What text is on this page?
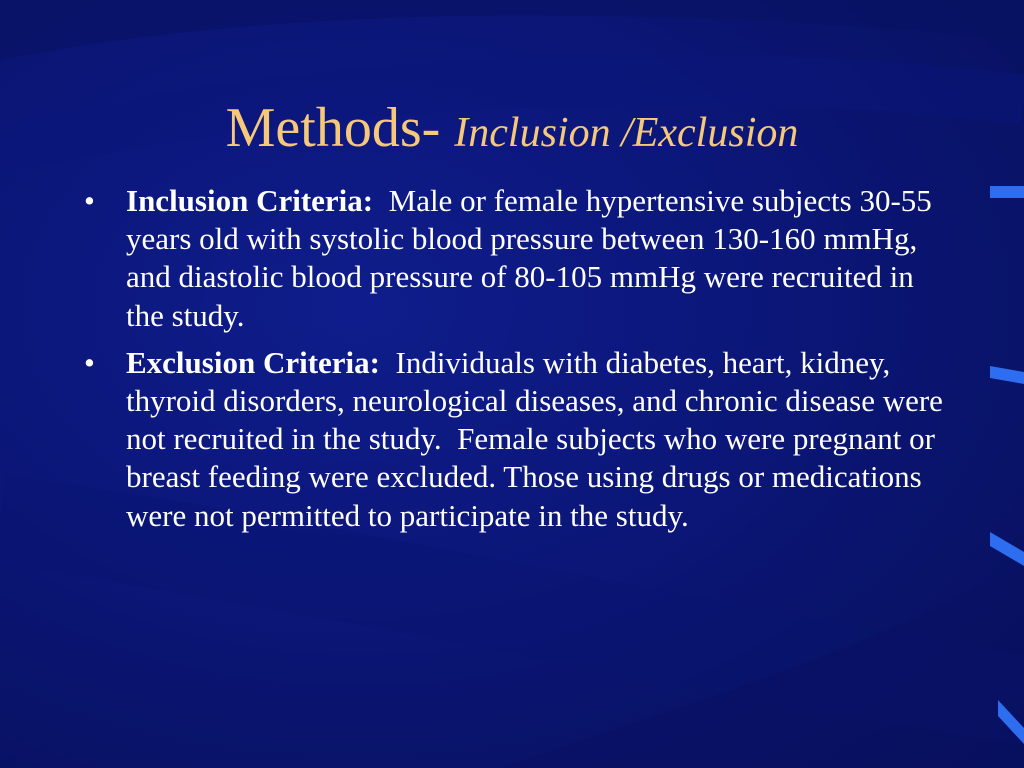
Methods- Inclusion /Exclusion
•	Inclusion Criteria:  Male or female hypertensive subjects 30-55 years old with systolic blood pressure between 130-160 mmHg, and diastolic blood pressure of 80-105 mmHg were recruited in the study.
•	Exclusion Criteria:  Individuals with diabetes, heart, kidney, thyroid disorders, neurological diseases, and chronic disease were not recruited in the study.  Female subjects who were pregnant or breast feeding were excluded. Those using drugs or medications were not permitted to participate in the study.
